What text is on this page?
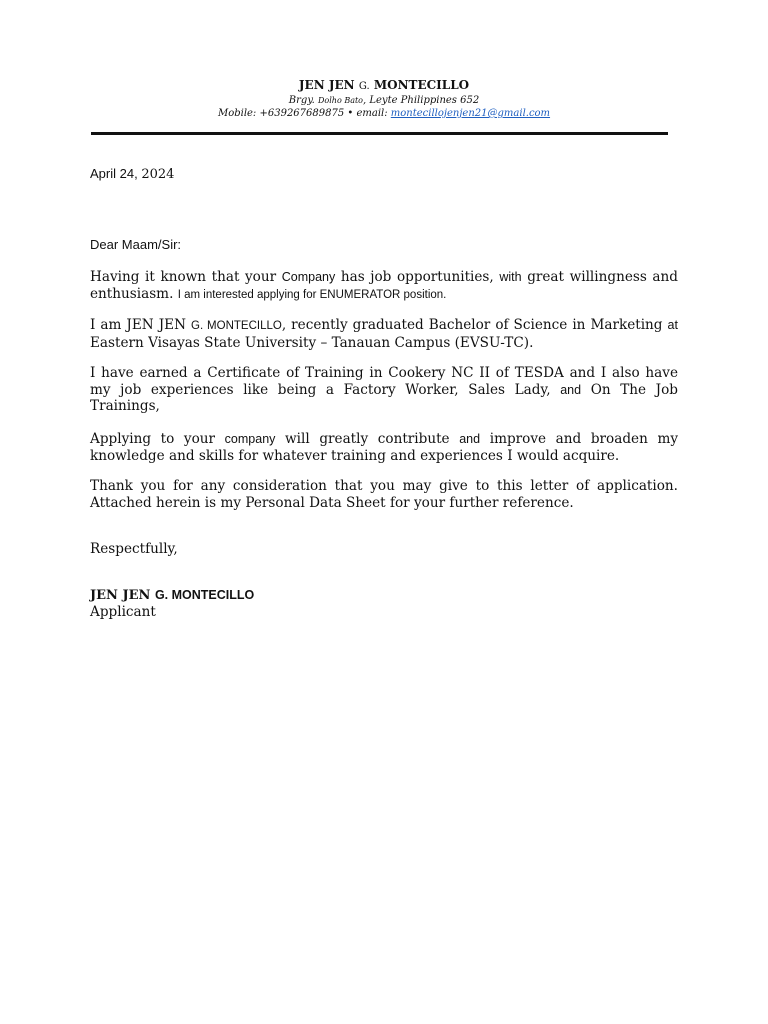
JEN JEN G. MONTECILLO
Brgy. Dolho Bato, Leyte Philippines 652
Mobile: +639267689875 • email: montecillojenjen21@gmail.com
April 24, 2024
Dear Maam/Sir:
Having it known that your Company has job opportunities, with great willingness and enthusiasm. I am interested applying for ENUMERATOR position.
I am JEN JEN G. MONTECILLO, recently graduated Bachelor of Science in Marketing at Eastern Visayas State University – Tanauan Campus (EVSU-TC).
I have earned a Certificate of Training in Cookery NC II of TESDA and I also have my job experiences like being a Factory Worker, Sales Lady, and On The Job Trainings,
Applying to your company will greatly contribute and improve and broaden my knowledge and skills for whatever training and experiences I would acquire.
Thank you for any consideration that you may give to this letter of application. Attached herein is my Personal Data Sheet for your further reference.
Respectfully,
JEN JEN G. MONTECILLO
Applicant
